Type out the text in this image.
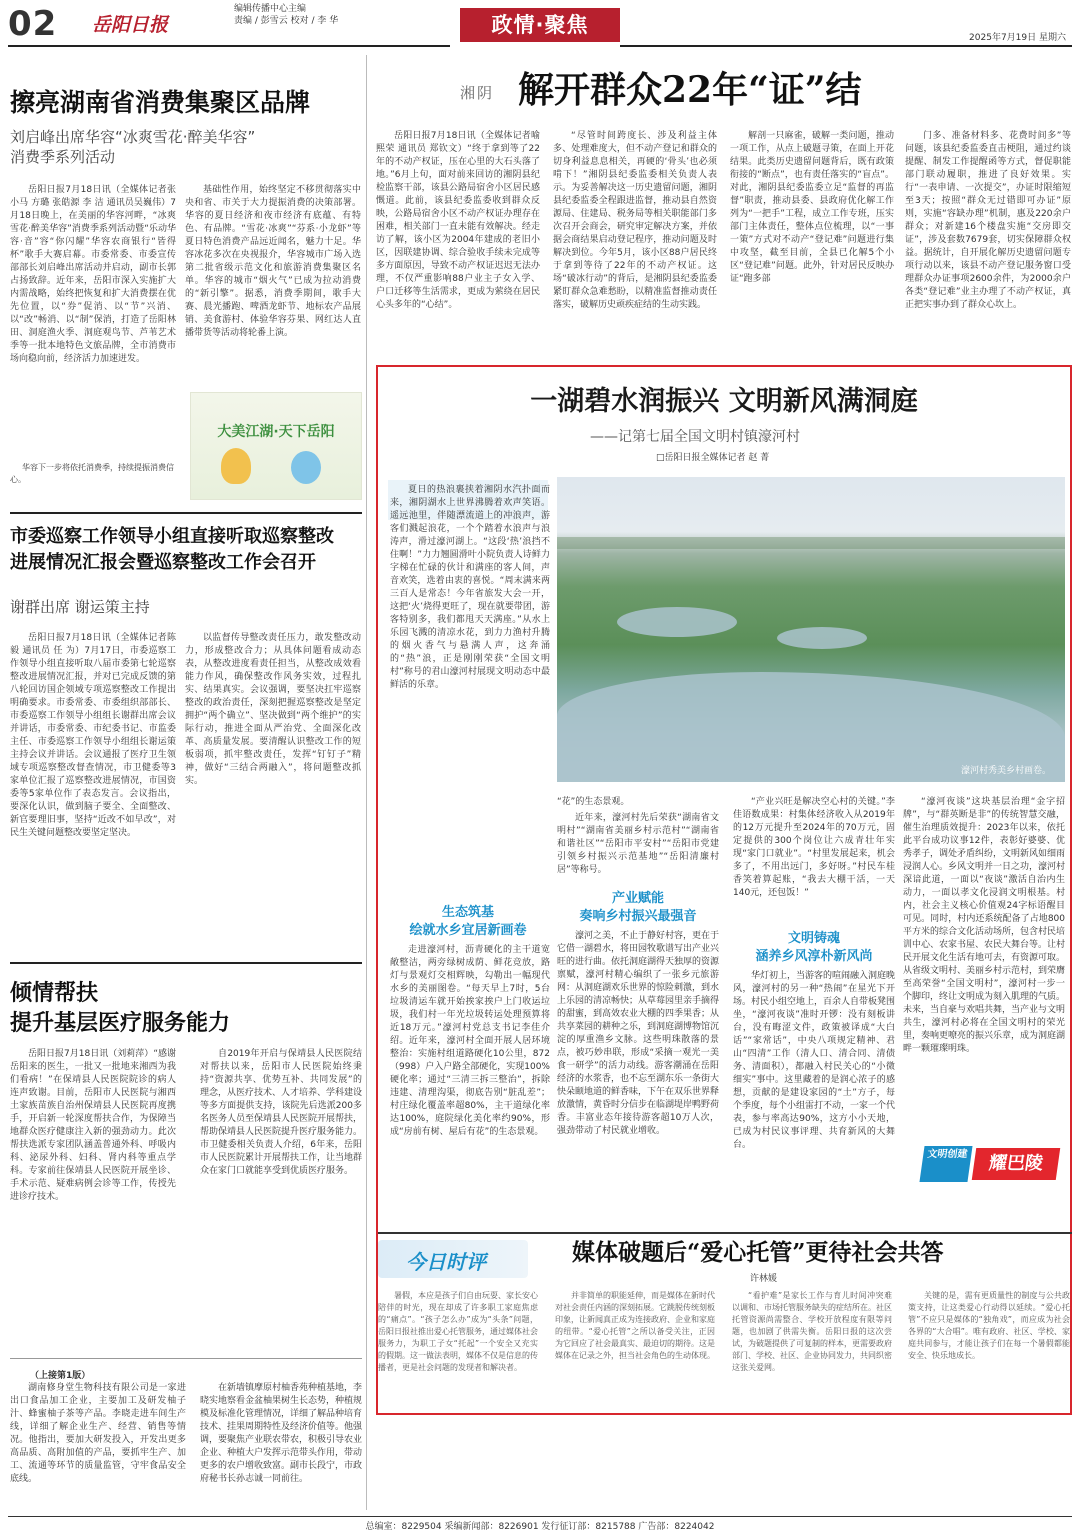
02 岳阳日报
编辑传播中心主编
责编 / 彭雪云 校对 / 李 华	政情·聚焦
2025年7月19日 星期六
擦亮湖南省消费集聚区品牌
刘启峰出席华容“冰爽雪花·醉美华容”
消费季系列活动

岳阳日报7月18日讯（全媒体记者张小马 方璐 张皓源 李 洁 通讯员吴巍伟）7月18日晚上，在美丽的华容河畔，“冰爽雪花·醉美华容”消费季系列活动暨“乐动华容·音”容“你闪耀”华容农商银行“皆得杯”歌手大赛启幕。市委常委、市委宣传部部长刘启峰出席活动并启动，副市长郭占扬致辞。近年来，岳阳市深入实施扩大内需战略，始终把恢复和扩大消费摆在优先位置，以“券”促消、以“节”兴消、以“改”畅消、以“制”保消，打造了岳阳林田、洞庭渔火季、洞庭观鸟节、芦苇艺术季等一批本地特色文旅品牌，全市消费市场向稳向前，经济活力加速迸发。

基础性作用，始终坚定不移贯彻落实中央和省、市关于大力提振消费的决策部署。华容的夏日经济和夜市经济有底蕴、有特色、有品牌。“雪花·冰爽”“芬系·小龙虾”等夏日特色消费产品远近闻名，魅力十足。华容冰花多次在央视报介，华容城市广场入选第二批省级示范文化和旅游消费集聚区名单。华容的城市“烟火气”已成为拉动消费的“新引擎”。据悉，消费季期间，歌手大赛、晨光播跑、啤酒龙虾节、地标农产品展销、美食游村、体验华容芬果、网红达人直播带货等活动将轮番上演。

华容下一步将依托消费季，持续提振消费信心。
大美江湖·天下岳阳
市委巡察工作领导小组直接听取巡察整改
进展情况汇报会暨巡察整改工作会召开
谢群出席 谢运策主持

岳阳日报7月18日讯（全媒体记者陈 毅 通讯员 任 为）7月17日，市委巡察工作领导小组直接听取八届市委第七轮巡察整改进展情况汇报，并对已完成反馈的第八轮回访国企领域专项巡察整改工作提出明确要求。市委常委、市委组织部部长、市委巡察工作领导小组组长谢群出席会议并讲话，市委常委、市纪委书记、市监委主任、市委巡察工作领导小组组长谢运策主持会议并讲话。会议通报了医疗卫生领域专项巡察整改督查情况，市卫健委等3家单位汇报了巡察整改进展情况，市国资委等5家单位作了表态发言。会议指出，要深化认识，做到脑子要全、全面整改、新官要理旧事，坚持“近改不如早改”，对民生关键问题整改要坚定坚决。

以监督传导整改责任压力，敢发整改动力，形成整改合力；从具体问题看成动态表，从整改进度看责任担当，从整改成效看能力作风，确保整改作风务实效，过程扎实、结果真实。会议强调，要坚决扛牢巡察整改的政治责任，深刻把握巡察整改是坚定拥护“两个确立”、坚决做到“两个维护”的实际行动，推进全面从严治党、全面深化改革、高质量发展。要清醒认识整改工作的短板弱项，抓牢整改责任，发挥“钉钉子”精神，做好“三结合两融入”，将问题整改抓实。

倾情帮扶
提升基层医疗服务能力

岳阳日报7月18日讯（刘莉萍）“感谢岳阳来的医生，一批又一批地来湘西为我们看病！”在保靖县人民医院院诊的病人连声致谢。目前，岳阳市人民医院与湘西土家族苗族自治州保靖县人民医院再度携手，开启新一轮深度帮扶合作，为保障当地群众医疗健康注入新的强劲动力。此次帮扶选派专家团队涵盖普通外科、呼吸内科、泌尿外科、妇科、肾内科等重点学科。专家前往保靖县人民医院开展坐诊、手术示范、疑难病例会诊等工作，传授先进诊疗技术。

自2019年开启与保靖县人民医院结对帮扶以来，岳阳市人民医院始终秉持“资源共享、优势互补、共同发展”的理念，从医疗技术、人才培养、学科建设等多方面提供支持，该院先后选派200多名医务人员至保靖县人民医院开展帮扶，帮助保靖县人民医院提升医疗服务能力。市卫健委相关负责人介绍，6年来，岳阳市人民医院累计开展帮扶工作，让当地群众在家门口就能享受到优质医疗服务。

（上接第1版）

湖南修身堂生物科技有限公司是一家进出口食品加工企业，主要加工及研发柚子汁、蜂蜜柚子茶等产品。李晓走进车间生产线，详细了解企业生产、经营、销售等情况。他指出，要加大研发投入，开发出更多高品质、高附加值的产品，要抓牢生产、加工、流通等环节的质量监管，守牢食品安全底线。

在新墙镇摩原村柚香苑种植基地，李晓实地察看金盆柚果树生长态势，种植规模及标准化管理情况，详细了解品种培育技术、挂果周期特性及经济价值等。他强调，要聚焦产业联农带农，积极引导农业企业、种植大户发挥示范带头作用，带动更多的农户增收致富。副市长段宁，市政府秘书长孙志诚一同前往。

湘阴 解开群众22年“证”结

岳阳日报7月18日讯（全媒体记者喻熙荣 通讯员 郑钦文）“终于拿到等了22年的不动产权证，压在心里的大石头落了地。”6月上旬，面对前来回访的湘阴县纪检监察干部，该县公路局宿舍小区居民感慨道。此前，该县纪委监委收到群众反映，公路局宿舍小区不动产权证办理存在困难，相关部门一直未能有效解决。经走访了解，该小区为2004年建成的老旧小区，因联建协调、综合验收手续未完成等多方面原因，导致不动产权证迟迟无法办理，不仅严重影响88户业主子女入学、户口迁移等生活需求，更成为萦绕在居民心头多年的“心结”。

“尽管时间跨度长、涉及利益主体多、处理难度大，但不动产登记和群众的切身利益息息相关，再硬的‘骨头’也必须啃下！”湘阴县纪委监委相关负责人表示。为妥善解决这一历史遗留问题，湘阴县纪委监委全程跟进监督，推动县自然资源局、住建局、税务局等相关职能部门多次召开会商会，研究审定解决方案，并依据会商结果启动登记程序，推动问题及时解决到位。今年5月，该小区88户居民终于拿到等待了22年的不动产权证。这场“破冰行动”的背后，是湘阴县纪委监委紧盯群众急难愁盼，以精准监督推动责任落实，破解历史顽疾症结的生动实践。

解剖一只麻雀，破解一类问题，推动一项工作，从点上破题寻策，在面上开花结果。此类历史遗留问题背后，既有政策衔接的“断点”，也有责任落实的“盲点”。对此，湘阴县纪委监委立足“监督的再监督”职责，推动县委、县政府优化解工作列为“一把手”工程，成立工作专班，压实部门主体责任，整体点位梳理，以“一事一策”方式对不动产“登记难”问题进行集中攻坚，截至目前，全县已化解5个小区“登记难”问题。此外，针对居民反映办证“跑多部

门多、准备材料多、花费时间多”等问题，该县纪委监委直击梗阻，通过约谈提醒、制发工作提醒函等方式，督促职能部门联动履职，推进了良好效果。实行“一表申请、一次提交”，办证时限缩短至3天；按照“群众无过错即可办证”原则，实施“容缺办理”机制，惠及220余户群众；对新建16个楼盘实施“交房即交证”，涉及套数7679套，切实保障群众权益。据统计，自开展化解历史遗留问题专项行动以来，该县不动产登记服务窗口受理群众办证事项2600余件，为2000余户各类“登记难”业主办理了不动产权证，真正把实事办到了群众心坎上。

一湖碧水润振兴 文明新风满洞庭
——记第七届全国文明村镇濠河村
□岳阳日报全媒体记者 赵 菁

夏日的热浪裹挟着湘阴水汽扑面而来，湘阴湖水上世界沸腾着欢声笑语。遥远池里，伴随漂流道上的冲浪声，游客们溅起浪花，一个个踏着水浪声与浪涛声，滑过濠河湖上。“这段‘热’浪挡不住啊！”力力翘圆滑叶小院负责人诗鲜力字梯在忙碌的伙计和满座的客人间，声音欢笑，选着由衷的喜悦。“周末满来两三百人是常态！今年省旅发大会一开，这把‘火’烧得更旺了，现在就要带团，游客特别多，我们都甩天天满座。”从水上乐园飞溅的清凉水花，到力力渔村升腾的烟火香气与悬满人声，这奔涌的“热”浪，正是刚刚荣获“全国文明村”称号的君山濠河村展现文明动态中最鲜活的乐章。

濠河村秀美乡村画卷。

“花”的生态景观。

近年来，濠河村先后荣获“湖南省文明村”“湖南省美丽乡村示范村”“湖南省和谐社区”“岳阳市平安村”“岳阳市党建引领乡村振兴示范基地”“岳阳清廉村居”等称号。

产业赋能
奏响乡村振兴最强音

濠河之美，不止于静好村容，更在于它借一湖碧水，将田园牧歌谱写出产业兴旺的进行曲。依托洞庭湖得天独厚的资源禀赋，濠河村精心编织了一张乡元旅游网：从洞庭湖欢乐世界的惊险刺激，到水上乐园的清凉畅快；从草莓园里亲手摘得的甜蜜，到高效农业大棚的四季果香；从共享菜园的耕种之乐，到洞庭湖博物馆沉淀的厚重渔乡文脉。这些明珠散落的景点，被巧妙串联，形成“采摘一观光一美食一研学”的活力动线。游客潮涌在岳阳经济的水浆香，也不忘至湖东乐一条街大快朵颐地道的鲜香味，下午在双乐世界释放激情，黄昏时分信步在临湖堤岸鸭野荷香。丰富业态年接待游客超10万人次，强劲带动了村民就业增收。

生态筑基
绘就水乡宜居新画卷

走进濠河村，沥青硬化的主干道宽敞整洁，两旁绿树成荫、鲜花竞放，路灯与景观灯交相辉映，勾勒出一幅现代水乡的美丽图卷。“每天早上7时，5台垃圾清运车就开始挨家挨户上门收运垃圾，我们村一年光垃圾转运处理预算将近18万元。”濠河村党总支书记李佳介绍。近年来，濠河村全面开展人居环境整治：实施村组道路硬化10公里，872（998）户入户路全部硬化，实现100%硬化率；通过“三清三拆三整治”，拆除违建、清理沟渠，彻底告别“脏乱差”；村庄绿化覆盖率超80%，主干道绿化率达100%，庭院绿化美化率约90%，形成“房前有树、屋后有花”的生态景观。

“产业兴旺是解决空心村的关键。”李佳语数成果：村集体经济收入从2019年的12万元提升至2024年的70万元，固定提供的300个岗位让六成青壮年实现“家门口就业”。“村里发展起来，机会多了，不用出远门，多好呀。”村民车桂香笑着算起账，“我去大棚干活，一天140元，还包饭！”

文明铸魂
涵养乡风淳朴新风尚

华灯初上，当游客的喧闹融入洞庭晚风，濠河村的另一种“热闹”在星光下开场。村民小组空地上，百余人自带板凳围坐，“濠河夜谈”准时开锣：没有刻板讲台，没有晦涩文件，政策被译成“大白话”“家常话”，中央八项规定精神、君山“四清”工作（清人口、清合同、清债务、清面积），都融入村民关心的“小微细实”事中。这里藏着的是润心浓子的感想，贡献的是建设家园的“土”方子，每个季度，每个小组雷打不动，一家一个代表，参与率高达90%，这方小小天地，已成为村民议事评理、共育新风的大舞台。

“濠河夜谈”这块基层治理“金字招牌”，与“群英断是非”的传统智慧交融，催生治理质效提升：2023年以来，依托此平台成功议事12件，表彰好婆婆、优秀孝子，调处矛盾纠纷，文明新风如细雨浸润人心。乡风文明并一日之功，濠河村深谙此道，一面以“夜谈”激活自治内生动力，一面以孝文化浸润文明根基。村内，社会主义核心价值观24字标语醒目可见。同时，村内还系统配备了占地800平方米的综合文化活动场所，包含村民培训中心、农家书屋、农民大舞台等。让村民开展文化生活有地可去，有资源可取。从省级文明村、美丽乡村示范村，到荣膺至高荣誉“全国文明村”，濠河村一步一个脚印，终让文明成为刻入肌理的气质。未来，当自豪与欢唱共舞，当产业与文明共生，濠河村必将在全国文明村的荣光里，奏响更嘹亮的振兴乐章，成为洞庭湖畔一颗璀璨明珠。

文明创建	耀巴陵
今日时评	媒体破题后“爱心托管”更待社会共答
许林媛

暑假，本应是孩子们自由玩耍、家长安心陪伴的时光，现在却成了许多职工家庭焦虑的“痛点”。“孩子怎么办”成为“头条”问题，岳阳日报社推出爱心托管服务，通过媒体社会服务力，为职工子女“托起”一个安全又充实的假期。这一做法表明，媒体不仅是信息的传播者，更是社会问题的发现者和解决者。

并非简单的职能延伸，而是媒体在新时代对社会责任内涵的深刻拓展。它跳脱传统刻板印象，让新闻真正成为连接政府、企业和家庭的纽带。“爱心托管”之所以备受关注，正因为它回应了社会最真实、最迫切的期待。这是媒体在记录之外，担当社会角色的生动体现。

“看护难”是家长工作与育儿时间冲突难以调和、市场托管服务缺失的症结所在。社区托管资源尚需整合、学校开放程度有限等问题，也加剧了供需失衡。岳阳日报的这次尝试，为破题提供了可复制的样本，更需要政府部门、学校、社区、企业协同发力，共同织密这张关爱网。

关键的是，需有更质量性的制度与公共政策支持，让这类爱心行动得以延续。“爱心托管”不应只是媒体的“独角戏”，而应成为社会各界的“大合唱”。唯有政府、社区、学校、家庭共同参与，才能让孩子们在每一个暑假都能安全、快乐地成长。

总编室：8229504 采编新闻部：8226901 发行征订部：8215788 广告部：8224042
